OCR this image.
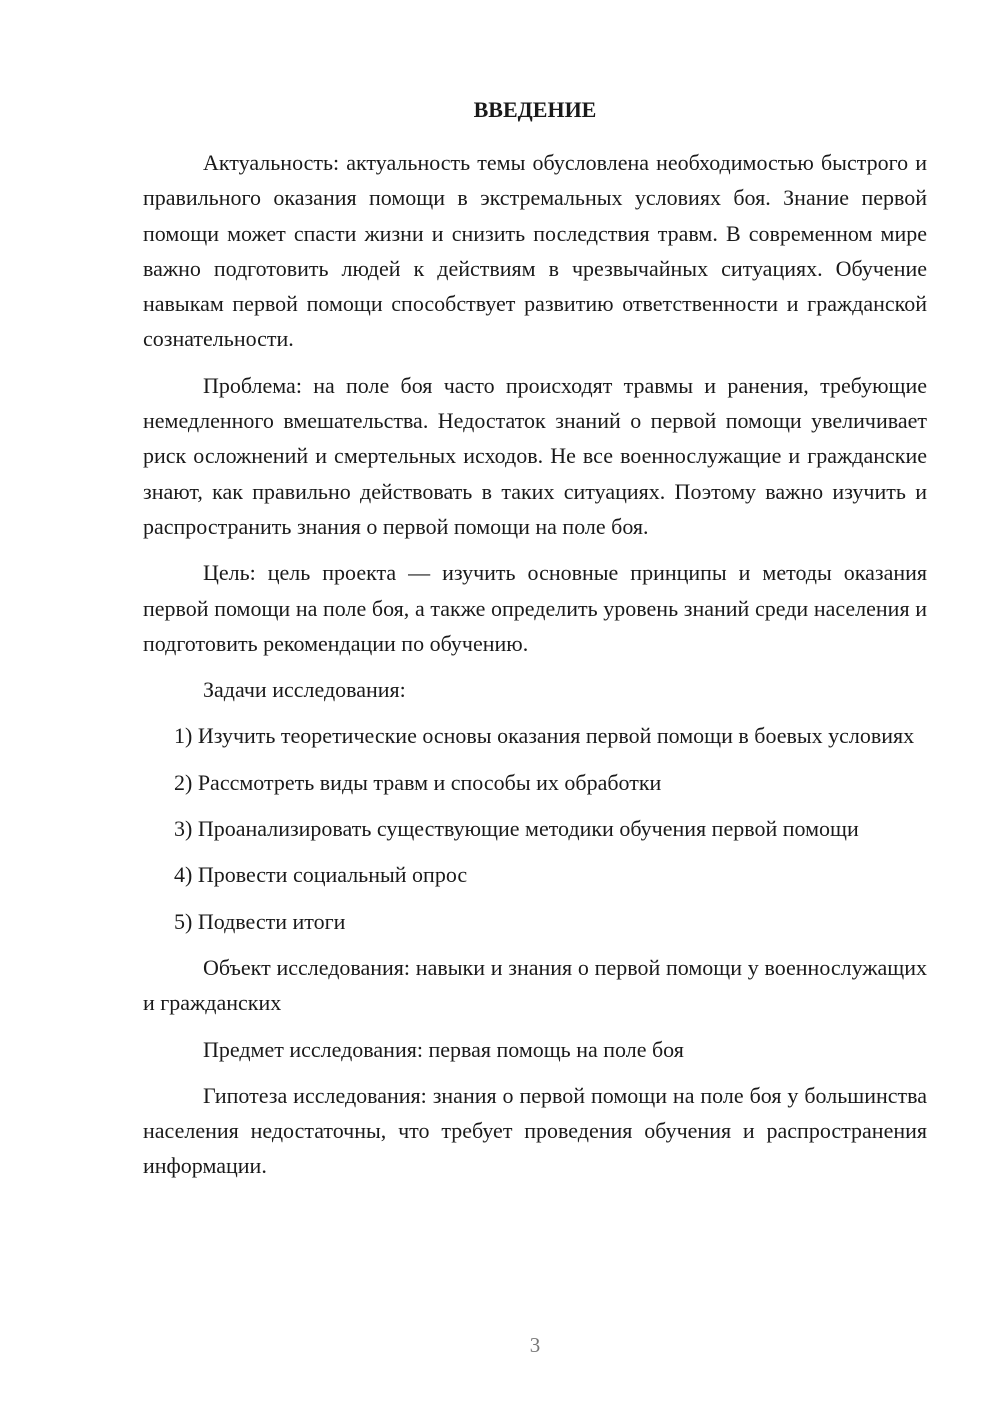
ВВЕДЕНИЕ

Актуальность: актуальность темы обусловлена необходимостью быстрого и правильного оказания помощи в экстремальных условиях боя. Знание первой помощи может спасти жизни и снизить последствия травм. В современном мире важно подготовить людей к действиям в чрезвычайных ситуациях. Обучение навыкам первой помощи способствует развитию ответственности и гражданской сознательности.

Проблема: на поле боя часто происходят травмы и ранения, требующие немедленного вмешательства. Недостаток знаний о первой помощи увеличивает риск осложнений и смертельных исходов. Не все военнослужащие и гражданские знают, как правильно действовать в таких ситуациях. Поэтому важно изучить и распространить знания о первой помощи на поле боя.

Цель: цель проекта — изучить основные принципы и методы оказания первой помощи на поле боя, а также определить уровень знаний среди населения и подготовить рекомендации по обучению.

Задачи исследования:

1) Изучить теоретические основы оказания первой помощи в боевых условиях

2) Рассмотреть виды травм и способы их обработки

3) Проанализировать существующие методики обучения первой помощи

4) Провести социальный опрос

5) Подвести итоги

Объект исследования: навыки и знания о первой помощи у военнослужащих и гражданских

Предмет исследования: первая помощь на поле боя

Гипотеза исследования: знания о первой помощи на поле боя у большинства населения недостаточны, что требует проведения обучения и распространения информации.

3
